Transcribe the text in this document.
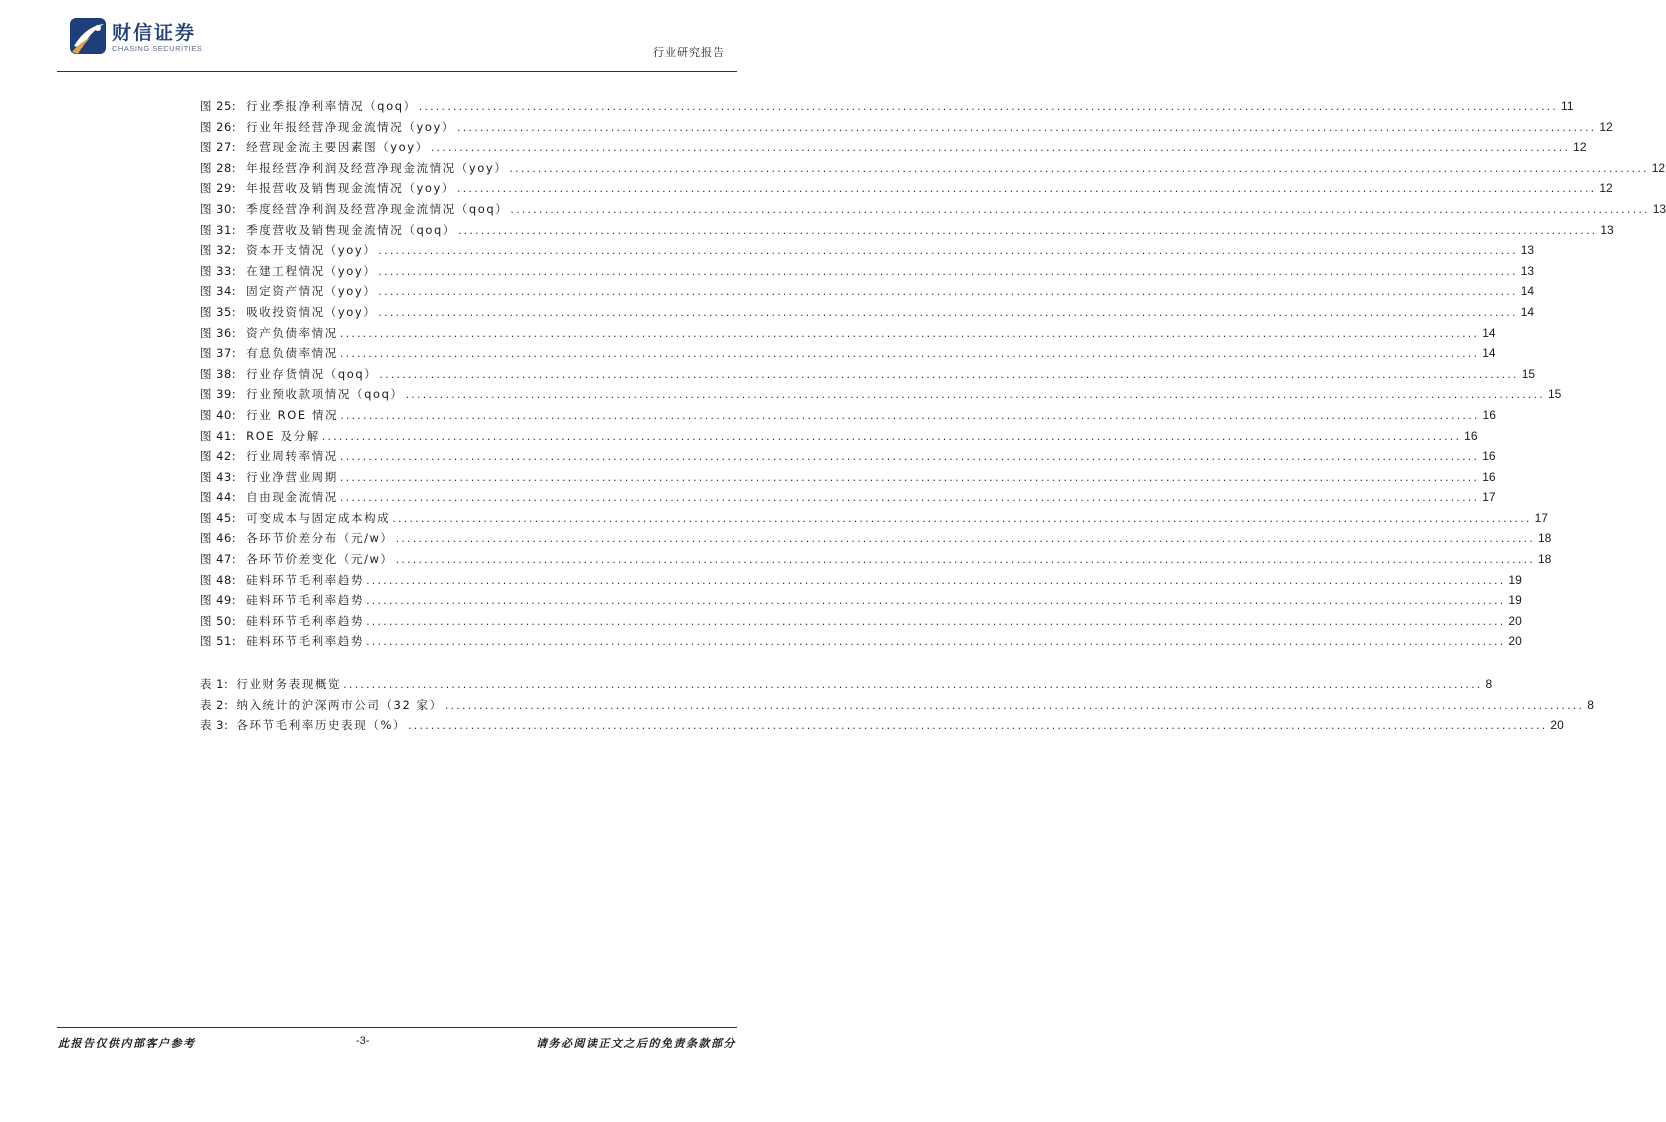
财信证券
CHASING SECURITIES	行业研究报告
图 25: 行业季报净利率情况（qoq） ........................................................................................................................................................................................................ 11
图 26: 行业年报经营净现金流情况（yoy） ........................................................................................................................................................................................................ 12
图 27: 经营现金流主要因素图（yoy） ........................................................................................................................................................................................................ 12
图 28: 年报经营净利润及经营净现金流情况（yoy） ........................................................................................................................................................................................................ 12
图 29: 年报营收及销售现金流情况（yoy） ........................................................................................................................................................................................................ 12
图 30: 季度经营净利润及经营净现金流情况（qoq） ........................................................................................................................................................................................................ 13
图 31: 季度营收及销售现金流情况（qoq） ........................................................................................................................................................................................................ 13
图 32: 资本开支情况（yoy） ........................................................................................................................................................................................................ 13
图 33: 在建工程情况（yoy） ........................................................................................................................................................................................................ 13
图 34: 固定资产情况（yoy） ........................................................................................................................................................................................................ 14
图 35: 吸收投资情况（yoy） ........................................................................................................................................................................................................ 14
图 36: 资产负债率情况 ........................................................................................................................................................................................................ 14
图 37: 有息负债率情况 ........................................................................................................................................................................................................ 14
图 38: 行业存货情况（qoq） ........................................................................................................................................................................................................ 15
图 39: 行业预收款项情况（qoq） ........................................................................................................................................................................................................ 15
图 40: 行业 ROE 情况 ........................................................................................................................................................................................................ 16
图 41: ROE 及分解 ........................................................................................................................................................................................................ 16
图 42: 行业周转率情况 ........................................................................................................................................................................................................ 16
图 43: 行业净营业周期 ........................................................................................................................................................................................................ 16
图 44: 自由现金流情况 ........................................................................................................................................................................................................ 17
图 45: 可变成本与固定成本构成 ........................................................................................................................................................................................................ 17
图 46: 各环节价差分布（元/w） ........................................................................................................................................................................................................ 18
图 47: 各环节价差变化（元/w） ........................................................................................................................................................................................................ 18
图 48: 硅料环节毛利率趋势 ........................................................................................................................................................................................................ 19
图 49: 硅料环节毛利率趋势 ........................................................................................................................................................................................................ 19
图 50: 硅料环节毛利率趋势 ........................................................................................................................................................................................................ 20
图 51: 硅料环节毛利率趋势 ........................................................................................................................................................................................................ 20
表 1: 行业财务表现概览 ........................................................................................................................................................................................................ 8
表 2: 纳入统计的沪深两市公司（32 家） ........................................................................................................................................................................................................ 8
表 3: 各环节毛利率历史表现（%） ........................................................................................................................................................................................................ 20
此报告仅供内部客户参考	-3-	请务必阅读正文之后的免责条款部分
